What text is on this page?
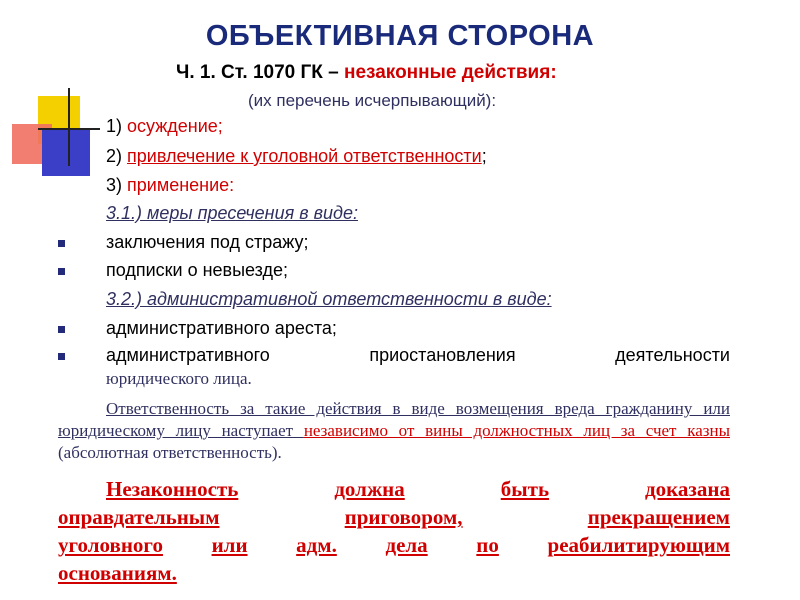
ОБЪЕКТИВНАЯ СТОРОНА
Ч. 1. Ст. 1070 ГК – незаконные действия:
(их перечень исчерпывающий):
1) осуждение;
2) привлечение к уголовной ответственности;
3) применение:
3.1.) меры пресечения в виде:
заключения под стражу;
подписки о невыезде;
3.2.) административной ответственности в виде:
административного ареста;
административного	приостановления	деятельности
юридического лица.
Ответственность за такие действия в виде возмещения вреда гражданину или юридическому лицу наступает независимо от вины должностных лиц за счет казны (абсолютная ответственность).
Незаконность	должна	быть	доказана
оправдательным	приговором,	прекращением
уголовного или адм. дела по реабилитирующим
основаниям.
